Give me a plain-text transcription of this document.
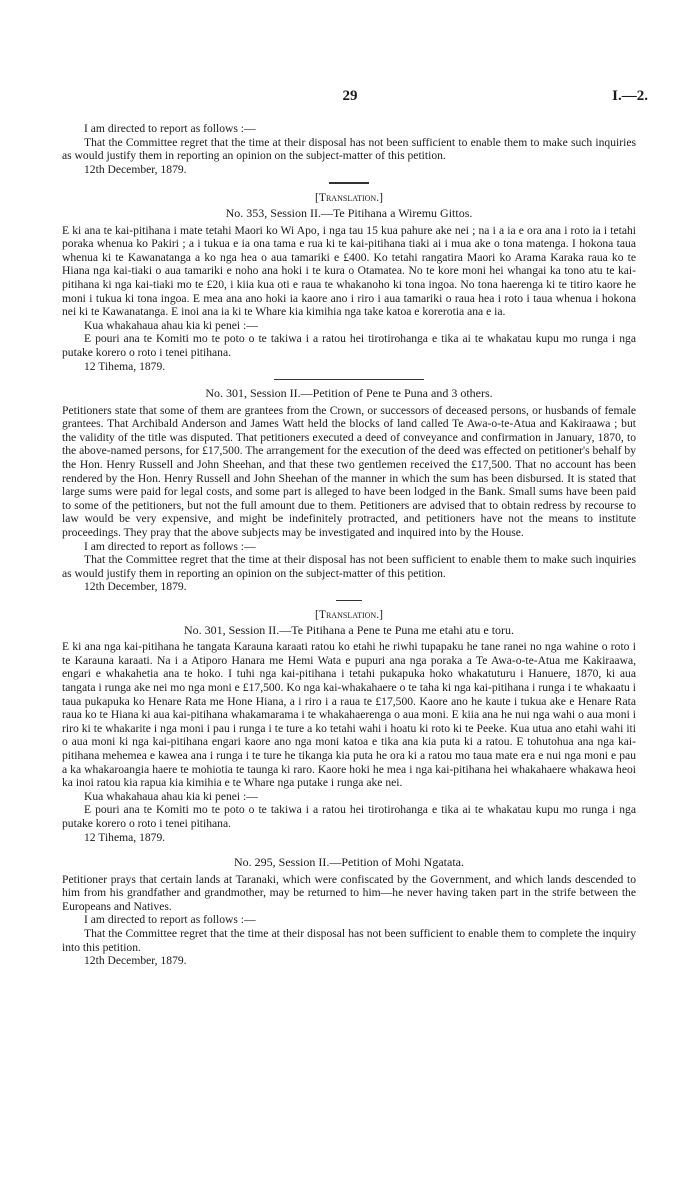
29	I.—2.

I am directed to report as follows :—

That the Committee regret that the time at their disposal has not been sufficient to enable them to make such inquiries as would justify them in reporting an opinion on the subject-matter of this petition.

12th December, 1879.

[Translation.]

No. 353, Session II.—Te Pitihana a Wiremu Gittos.

E ki ana te kai-pitihana i mate tetahi Maori ko Wi Apo, i nga tau 15 kua pahure ake nei ; na i a ia e ora ana i roto ia i tetahi poraka whenua ko Pakiri ; a i tukua e ia ona tama e rua ki te kai-pitihana tiaki ai i mua ake o tona matenga. I hokona taua whenua ki te Kawanatanga a ko nga hea o aua tamariki e £400. Ko tetahi rangatira Maori ko Arama Karaka raua ko te Hiana nga kai-tiaki o aua tamariki e noho ana hoki i te kura o Otamatea. No te kore moni hei whangai ka tono atu te kai-pitihana ki nga kai-tiaki mo te £20, i kiia kua oti e raua te whakanoho ki tona ingoa. No tona haerenga ki te titiro kaore he moni i tukua ki tona ingoa. E mea ana ano hoki ia kaore ano i riro i aua tamariki o raua hea i roto i taua whenua i hokona nei ki te Kawanatanga. E inoi ana ia ki te Whare kia kimihia nga take katoa e korerotia ana e ia.

Kua whakahaua ahau kia ki penei :—

E pouri ana te Komiti mo te poto o te takiwa i a ratou hei tirotirohanga e tika ai te whakatau kupu mo runga i nga putake korero o roto i tenei pitihana.

12 Tihema, 1879.

No. 301, Session II.—Petition of Pene te Puna and 3 others.

Petitioners state that some of them are grantees from the Crown, or successors of deceased persons, or husbands of female grantees. That Archibald Anderson and James Watt held the blocks of land called Te Awa-o-te-Atua and Kakiraawa ; but the validity of the title was disputed. That petitioners executed a deed of conveyance and confirmation in January, 1870, to the above-named persons, for £17,500. The arrangement for the execution of the deed was effected on petitioner's behalf by the Hon. Henry Russell and John Sheehan, and that these two gentlemen received the £17,500. That no account has been rendered by the Hon. Henry Russell and John Sheehan of the manner in which the sum has been disbursed. It is stated that large sums were paid for legal costs, and some part is alleged to have been lodged in the Bank. Small sums have been paid to some of the petitioners, but not the full amount due to them. Petitioners are advised that to obtain redress by recourse to law would be very expensive, and might be indefinitely protracted, and petitioners have not the means to institute proceedings. They pray that the above subjects may be investigated and inquired into by the House.

I am directed to report as follows :—

That the Committee regret that the time at their disposal has not been sufficient to enable them to make such inquiries as would justify them in reporting an opinion on the subject-matter of this petition.

12th December, 1879.

[Translation.]

No. 301, Session II.—Te Pitihana a Pene te Puna me etahi atu e toru.

E ki ana nga kai-pitihana he tangata Karauna karaati ratou ko etahi he riwhi tupapaku he tane ranei no nga wahine o roto i te Karauna karaati. Na i a Atiporo Hanara me Hemi Wata e pupuri ana nga poraka a Te Awa-o-te-Atua me Kakiraawa, engari e whakahetia ana te hoko. I tuhi nga kai-pitihana i tetahi pukapuka hoko whakatuturu i Hanuere, 1870, ki aua tangata i runga ake nei mo nga moni e £17,500. Ko nga kai-whakahaere o te taha ki nga kai-pitihana i runga i te whakaatu i taua pukapuka ko Henare Rata me Hone Hiana, a i riro i a raua te £17,500. Kaore ano he kaute i tukua ake e Henare Rata raua ko te Hiana ki aua kai-pitihana whakamarama i te whakahaerenga o aua moni. E kiia ana he nui nga wahi o aua moni i riro ki te whakarite i nga moni i pau i runga i te ture a ko tetahi wahi i hoatu ki roto ki te Peeke. Kua utua ano etahi wahi iti o aua moni ki nga kai-pitihana engari kaore ano nga moni katoa e tika ana kia puta ki a ratou. E tohutohua ana nga kai-pitihana mehemea e kawea ana i runga i te ture he tikanga kia puta he ora ki a ratou mo taua mate era e nui nga moni e pau a ka whakaroangia haere te mohiotia te taunga ki raro. Kaore hoki he mea i nga kai-pitihana hei whakahaere whakawa heoi ka inoi ratou kia rapua kia kimihia e te Whare nga putake i runga ake nei.

Kua whakahaua ahau kia ki penei :—

E pouri ana te Komiti mo te poto o te takiwa i a ratou hei tirotirohanga e tika ai te whakatau kupu mo runga i nga putake korero o roto i tenei pitihana.

12 Tihema, 1879.

No. 295, Session II.—Petition of Mohi Ngatata.

Petitioner prays that certain lands at Taranaki, which were confiscated by the Government, and which lands descended to him from his grandfather and grandmother, may be returned to him—he never having taken part in the strife between the Europeans and Natives.

I am directed to report as follows :—

That the Committee regret that the time at their disposal has not been sufficient to enable them to complete the inquiry into this petition.

12th December, 1879.
